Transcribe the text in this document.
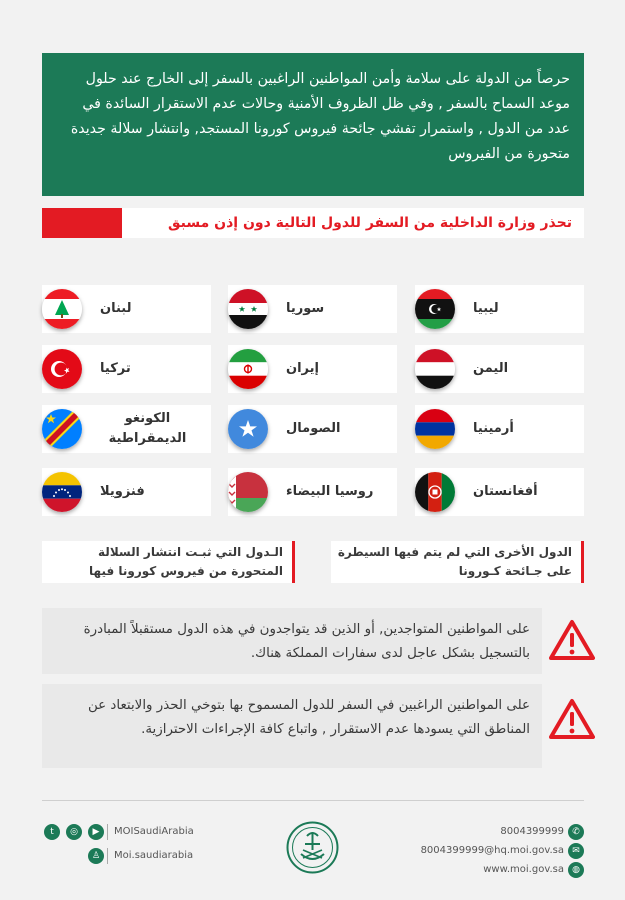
حرصاً من الدولة على سلامة وأمن المواطنين الراغبين بالسفر إلى الخارج عند حلول موعد السماح بالسفر , وفي ظل الظروف الأمنية وحالات عدم الاستقرار السائدة في عدد من الدول , واستمرار تفشي جائحة فيروس كورونا المستجد, وانتشار سلالة جديدة متحورة من الفيروس

تحذر وزارة الداخلية من السفر للدول التالية دون إذن مسبق
ليبيا
سوريا
لبنان
اليمن
إيران
تركيا
أرمينيا
الصومال
الكونغو الديمقراطية
أفغانستان
روسيا البيضاء
فنزويلا
الدول الأخرى التي لم يتم فيها السيطرة على جـائحة كـورونا
الـدول التي ثبـت انتشار السلالة المتحورة من فيروس كورونا فيها

على المواطنين المتواجدين, أو الذين قد يتواجدون في هذه الدول مستقبلاً المبادرة بالتسجيل بشكل عاجل لدى سفارات المملكة هناك.

على المواطنين الراغبين في السفر للدول المسموح بها بتوخي الحذر والابتعاد عن المناطق التي يسودها عدم الاستقرار , واتباع كافة الإجراءات الاحترازية.

t	◎	▶	MOISaudiArabia
♙	Moi.saudiarabia
8004399999 ✆
8004399999@hq.moi.gov.sa ✉
www.moi.gov.sa ◍
